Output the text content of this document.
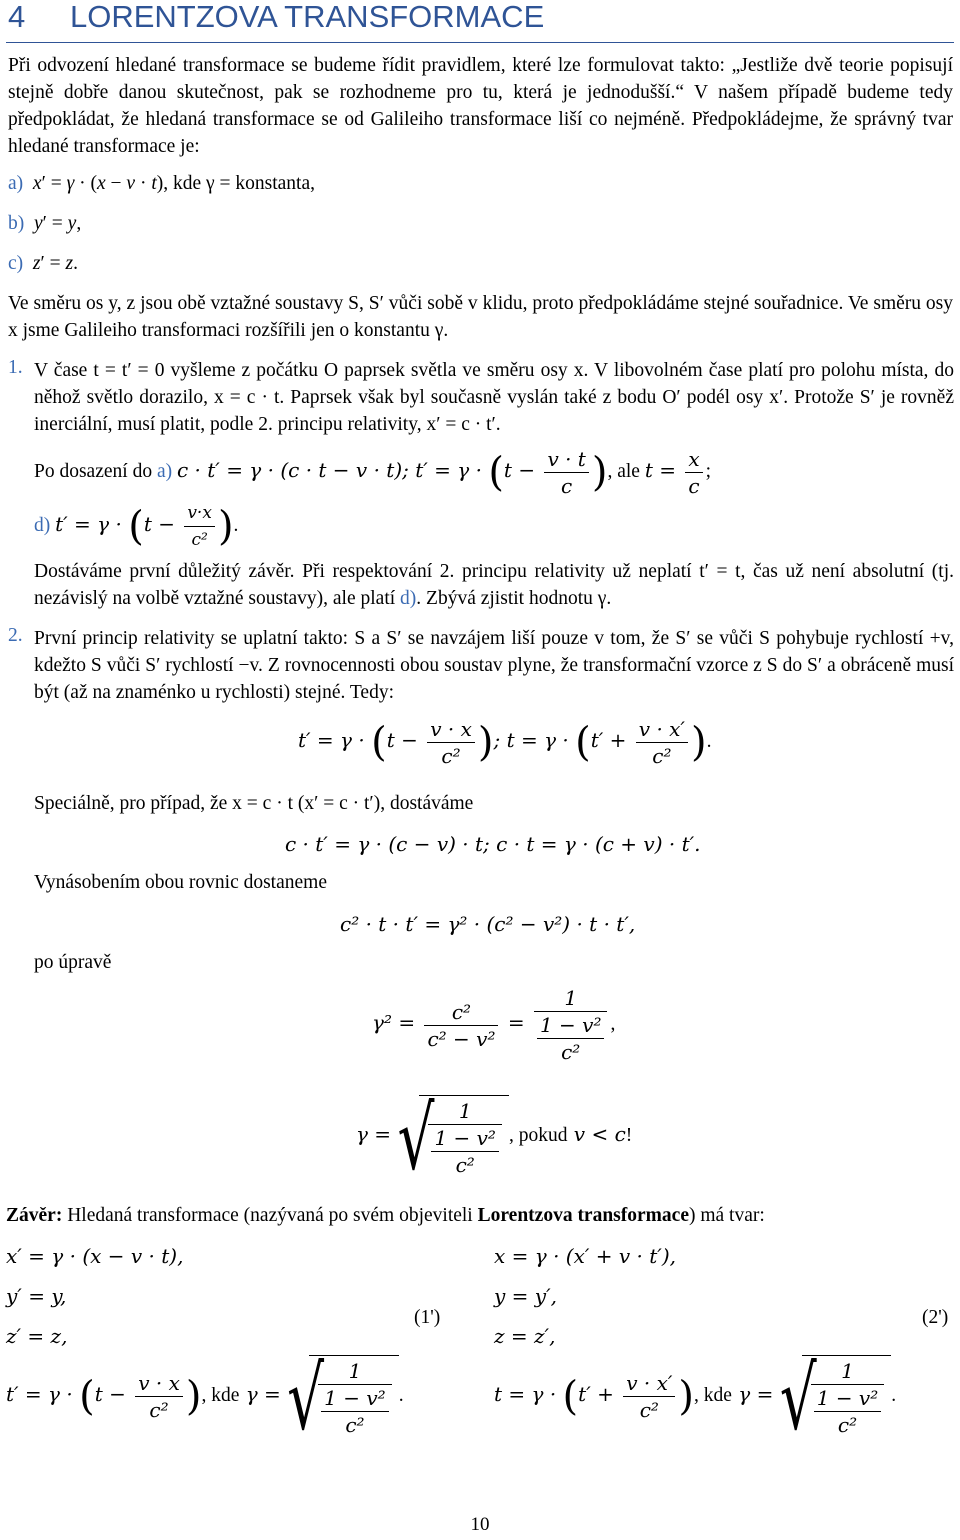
4 LORENTZOVA TRANSFORMACE
Při odvození hledané transformace se budeme řídit pravidlem, které lze formulovat takto: „Jestliže dvě teorie popisují stejně dobře danou skutečnost, pak se rozhodneme pro tu, která je jednodušší.“ V našem případě budeme tedy předpokládat, že hledaná transformace se od Galileiho transformace liší co nejméně. Předpokládejme, že správný tvar hledané transformace je:
a) x′ = γ · (x − v · t), kde γ = konstanta,
b) y′ = y,
c) z′ = z.
Ve směru os y, z jsou obě vztažné soustavy S, S′ vůči sobě v klidu, proto předpokládáme stejné souřadnice. Ve směru osy x jsme Galileiho transformaci rozšířili jen o konstantu γ.
1. V čase t = t′ = 0 vyšleme z počátku O paprsek světla ve směru osy x. V libovolném čase platí pro polohu místa, do něhož světlo dorazilo, x = c · t. Paprsek však byl současně vyslán také z bodu O′ podél osy x′. Protože S′ je rovněž inerciální, musí platit, podle 2. principu relativity, x′ = c · t′.
Po dosazení do a) c · t′ = γ · (c · t − v · t); $t' = \gamma \cdot (t - \frac{v \cdot t}{c}$ ), ale $t = \frac{x}{c}$ ;
d) $t' = \gamma \cdot (t - \frac{v\cdot x}{\text{c²}}$ ).
Dostáváme první důležitý závěr. Při respektování 2. principu relativity už neplatí t′ = t, čas už není absolutní (tj. nezávislý na volbě vztažné soustavy), ale platí d). Zbývá zjistit hodnotu γ.
2. První princip relativity se uplatní takto: S a S′ se navzájem liší pouze v tom, že S′ se vůči S pohybuje rychlostí +v, kdežto S vůči S′ rychlostí −v. Z rovnocennosti obou soustav plyne, že transformační vzorce z S do S′ a obráceně musí být (až na znaménko u rychlosti) stejné. Tedy:
$t' = \gamma \cdot (t - \frac{v \cdot x}{\text{c²}}$ ); $t = \gamma \cdot (t' + \frac{v \cdot x'}{\text{c²}}$ ).
Speciálně, pro případ, že x = c · t (x′ = c · t′), dostáváme
c · t′ = γ · (c − v) · t; c · t = γ · (c + v) · t′.
Vynásobením obou rovnic dostaneme
c² · t · t′ = γ² · (c² − v²) · t · t′,
po úpravě
$\gamma^2 = \frac{\text{c²}}{\text{c² − v²}} = \frac{1}{\frac{\text{1 − v²}}{\text{c²}}}$ ,
γ = √
$\frac{1}{\frac{\text{1 − v²}}{\text{c²}}}$ , pokud v < c!
Závěr: Hledaná transformace (nazývaná po svém objeviteli Lorentzova transformace) má tvar:
x′ = γ · (x − v · t),
y′ = y,
z′ = z,
$t' = \gamma \cdot (t - \frac{v \cdot x}{\text{c²}}$ ), kde γ = √
$\frac{1}{\frac{\text{1 − v²}}{\text{c²}}}$ .
(1')
x = γ · (x′ + v · t′),
y = y′,
z = z′,
$t = \gamma \cdot (t' + \frac{v \cdot x'}{\text{c²}}$ ), kde γ = √
$\frac{1}{\frac{\text{1 − v²}}{\text{c²}}}$ .
(2')
10
